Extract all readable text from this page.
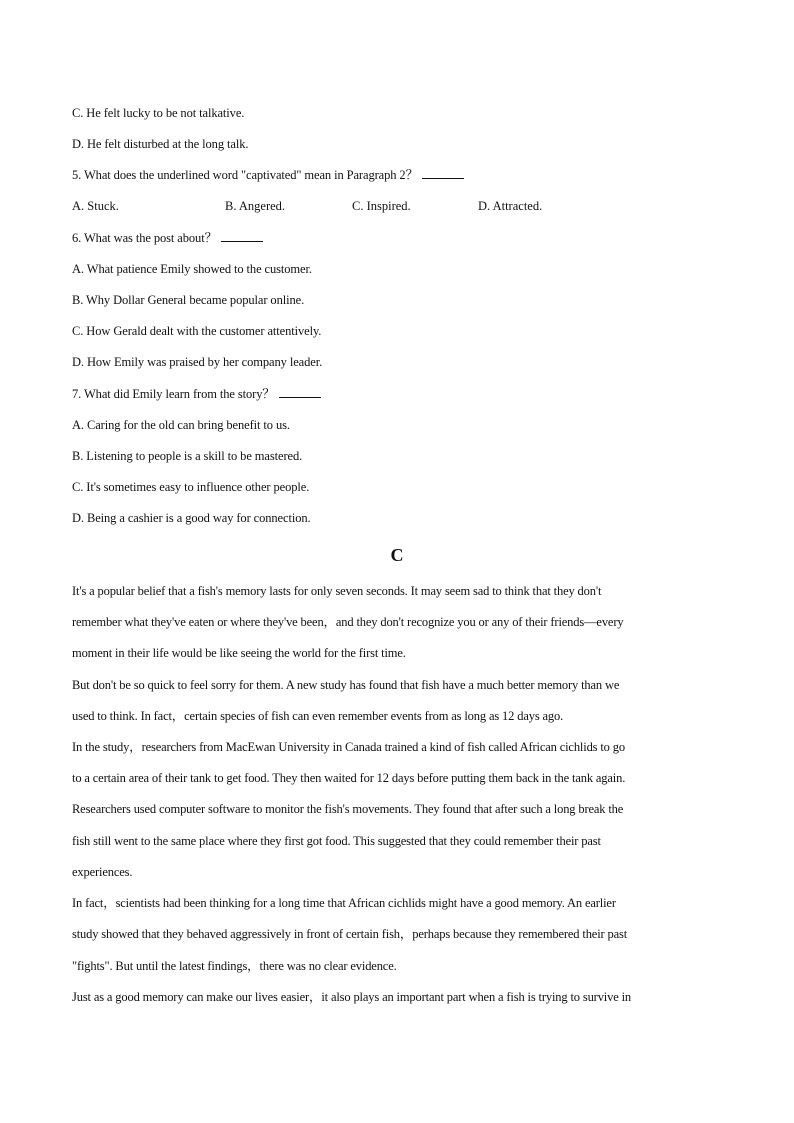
C. He felt lucky to be not talkative.
D. He felt disturbed at the long talk.
5. What does the underlined word "captivated" mean in Paragraph 2？
A. Stuck.	B. Angered.	C. Inspired.	D. Attracted.
6. What was the post about？
A. What patience Emily showed to the customer.
B. Why Dollar General became popular online.
C. How Gerald dealt with the customer attentively.
D. How Emily was praised by her company leader.
7. What did Emily learn from the story？
A. Caring for the old can bring benefit to us.
B. Listening to people is a skill to be mastered.
C. It's sometimes easy to influence other people.
D. Being a cashier is a good way for connection.
C
It's a popular belief that a fish's memory lasts for only seven seconds. It may seem sad to think that they don't
remember what they've eaten or where they've been，and they don't recognize you or any of their friends—every
moment in their life would be like seeing the world for the first time.
But don't be so quick to feel sorry for them. A new study has found that fish have a much better memory than we
used to think. In fact，certain species of fish can even remember events from as long as 12 days ago.
In the study，researchers from MacEwan University in Canada trained a kind of fish called African cichlids to go
to a certain area of their tank to get food. They then waited for 12 days before putting them back in the tank again.
Researchers used computer software to monitor the fish's movements. They found that after such a long break the
fish still went to the same place where they first got food. This suggested that they could remember their past
experiences.
In fact，scientists had been thinking for a long time that African cichlids might have a good memory. An earlier
study showed that they behaved aggressively in front of certain fish，perhaps because they remembered their past
"fights". But until the latest findings，there was no clear evidence.
Just as a good memory can make our lives easier，it also plays an important part when a fish is trying to survive in
